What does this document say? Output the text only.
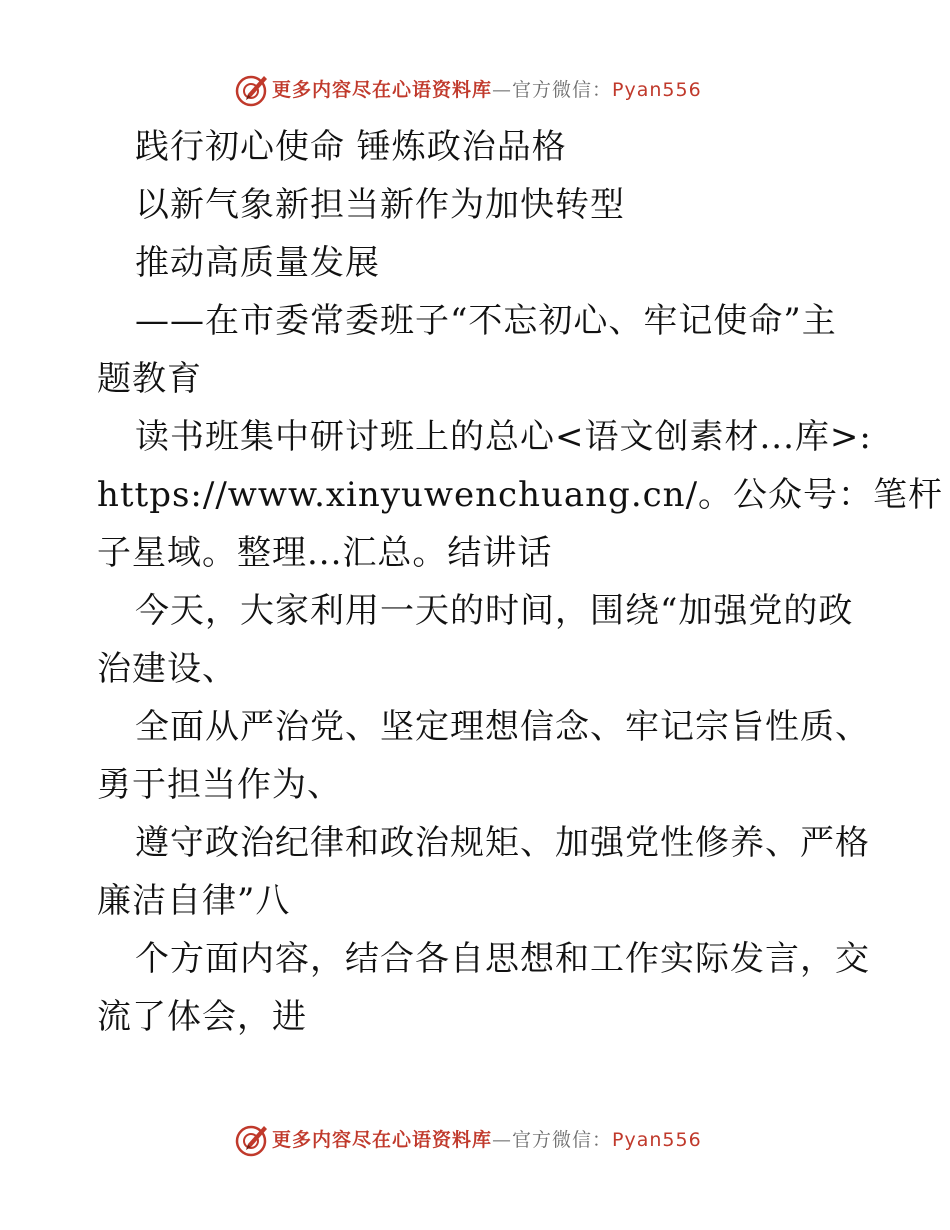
更多内容尽在心语资料库—官方微信：Pyan556
践行初心使命 锤炼政治品格
以新气象新担当新作为加快转型
推动高质量发展
——在市委常委班子“不忘初心、牢记使命”主
题教育
读书班集中研讨班上的总心<语文创素材...库>:
https://www.xinyuwenchuang.cn/。公众号：笔杆
子星域。整理...汇总。结讲话
今天，大家利用一天的时间，围绕“加强党的政
治建设、
全面从严治党、坚定理想信念、牢记宗旨性质、
勇于担当作为、
遵守政治纪律和政治规矩、加强党性修养、严格
廉洁自律”八
个方面内容，结合各自思想和工作实际发言，交
流了体会，进
更多内容尽在心语资料库—官方微信：Pyan556
